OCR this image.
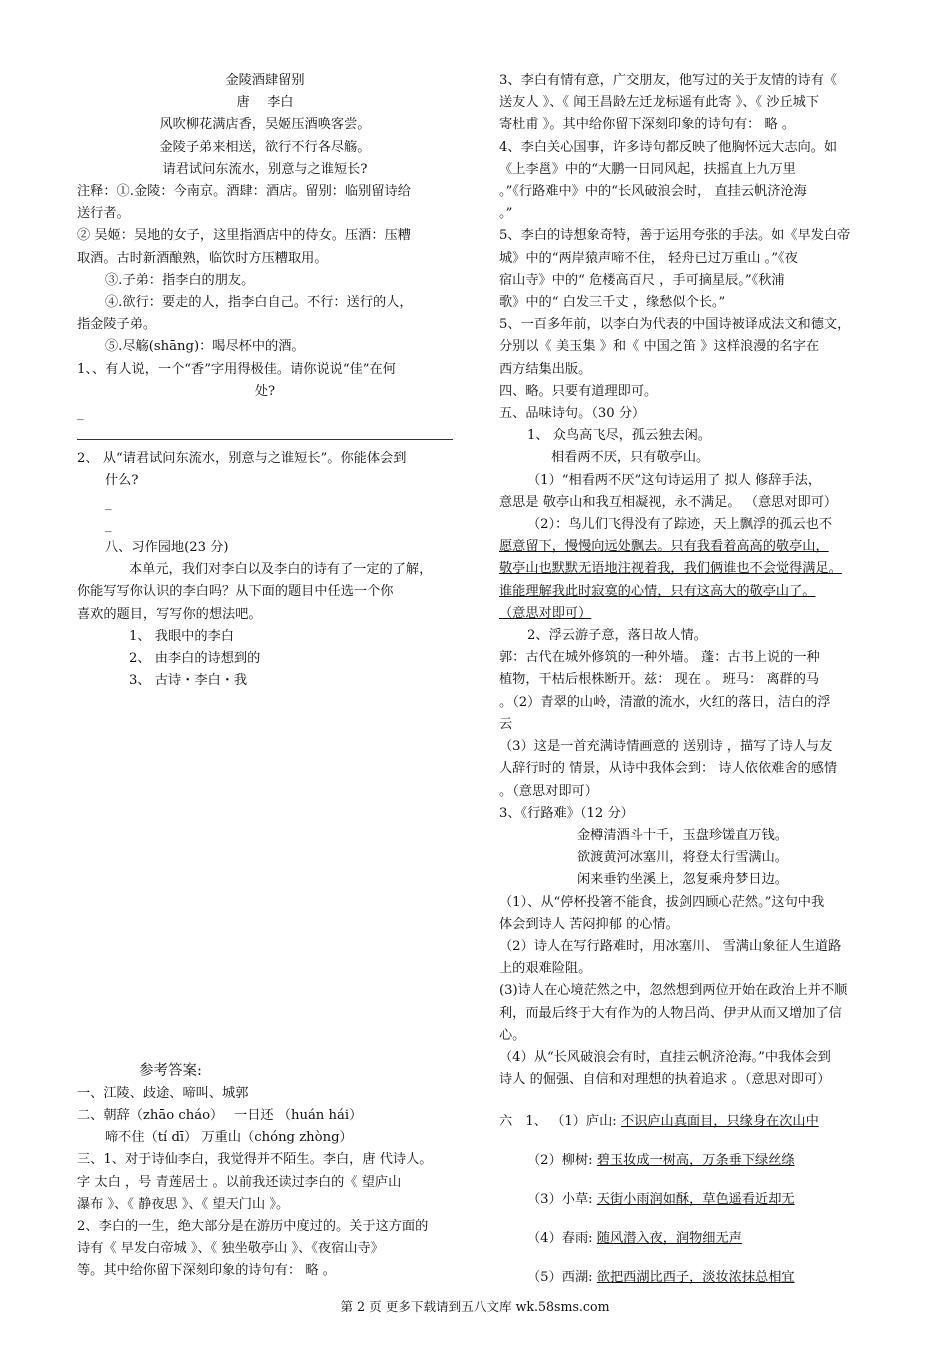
金陵酒肆留别
唐　 李白
风吹柳花满店香，吴姬压酒唤客尝。
金陵子弟来相送，欲行不行各尽觞。
请君试问东流水，别意与之谁短长?
注释：①.金陵：今南京。酒肆：酒店。留别：临别留诗给
送行者。
② 吴姬：吴地的女子，这里指酒店中的侍女。压酒：压糟
取酒。古时新酒酿熟，临饮时方压糟取用。
③.子弟：指李白的朋友。
④.欲行：要走的人，指李白自己。不行：送行的人，
指金陵子弟。
⑤.尽觞(shāng)：喝尽杯中的酒。
1、、有人说，一个“香”字用得极佳。请你说说“佳”在何
处?
_
2、 从“请君试问东流水，别意与之谁短长”。你能体会到
什么?
_
_
八、习作园地(23 分)
本单元，我们对李白以及李白的诗有了一定的了解，
你能写写你认识的李白吗？从下面的题目中任选一个你
喜欢的题目，写写你的想法吧。
1、 我眼中的李白
2、 由李白的诗想到的
3、 古诗・李白・我
参考答案:
一、江陵、歧途、啼叫、城郭
二、朝辞（zhāo cháo）　 一日还 （huán hái）
啼不住（tí dī） 万重山（chóng zhòng）
三、1、对于诗仙李白，我觉得并不陌生。李白，唐 代诗人。
字 太白 ，号 青莲居士 。以前我还读过李白的《 望庐山
瀑布 》、《 静夜思 》、《 望天门山 》。
2、李白的一生，绝大部分是在游历中度过的。关于这方面的
诗有《 早发白帝城 》、《 独坐敬亭山 》、《夜宿山寺》
等。其中给你留下深刻印象的诗句有： 略 。
3、李白有情有意，广交朋友，他写过的关于友情的诗有《
送友人 》、《 闻王昌龄左迁龙标遥有此寄 》、《 沙丘城下
寄杜甫 》。其中给你留下深刻印象的诗句有： 略 。
4、李白关心国事，许多诗句都反映了他胸怀远大志向。如
《上李邕》中的“大鹏一日同风起，扶摇直上九万里
。”《行路难中》中的“长风破浪会时， 直挂云帆济沧海
。”
5、李白的诗想象奇特，善于运用夸张的手法。如《早发白帝
城》中的“两岸猿声啼不住， 轻舟已过万重山 。”《夜
宿山寺》中的“ 危楼高百尺 ，手可摘星辰。”《秋浦
歌》中的“ 白发三千丈 ，缘愁似个长。”
5、一百多年前，以李白为代表的中国诗被译成法文和德文，
分别以《 美玉集 》和《 中国之笛 》这样浪漫的名字在
西方结集出版。
四、略。只要有道理即可。
五、品味诗句。（30 分）
1、 众鸟高飞尽，孤云独去闲。
相看两不厌，只有敬亭山。
（1）“相看两不厌”这句诗运用了 拟人 修辞手法，
意思是 敬亭山和我互相凝视，永不满足。 （意思对即可）
（2）：鸟儿们飞得没有了踪迹，天上飘浮的孤云也不
愿意留下，慢慢向远处飘去。只有我看着高高的敬亭山，
敬亭山也默默无语地注视着我，我们俩谁也不会觉得满足。
谁能理解我此时寂寞的心情，只有这高大的敬亭山了。
（意思对即可）
2、浮云游子意，落日故人情。
郭：古代在城外修筑的一种外墙。 蓬：古书上说的一种
植物，干枯后根株断开。兹： 现在 。 班马： 离群的马
。（2）青翠的山岭，清澈的流水，火红的落日，洁白的浮
云
（3）这是一首充满诗情画意的 送别诗 ，描写了诗人与友
人辞行时的 情景，从诗中我体会到： 诗人依依难舍的感情
。（意思对即可）
3、《行路难》（12 分）
金樽清酒斗十千，玉盘珍馐直万钱。
欲渡黄河冰塞川，将登太行雪满山。
闲来垂钓坐溪上，忽复乘舟梦日边。
（1）、从“停杯投箸不能食，拔剑四顾心茫然。”这句中我
体会到诗人 苦闷抑郁 的心情。
（2）诗人在写行路难时，用冰塞川、 雪满山象征人生道路
上的艰难险阻。
(3)诗人在心境茫然之中，忽然想到两位开始在政治上并不顺
利，而最后终于大有作为的人物吕尚、伊尹从而又增加了信
心。
（4）从“长风破浪会有时，直挂云帆济沧海。”中我体会到
诗人 的倔强、自信和对理想的执着追求 。（意思对即可）
六　1、 （1）庐山: 不识庐山真面目，只缘身在次山中
（2）柳树: 碧玉妆成一树高，万条垂下绿丝绦
（3）小草: 天街小雨润如酥，草色遥看近却无
（4）春雨: 随风潜入夜，润物细无声
（5）西湖: 欲把西湖比西子，淡妆浓抹总相宜
第 2 页 更多下载请到五八文库 wk.58sms.com
